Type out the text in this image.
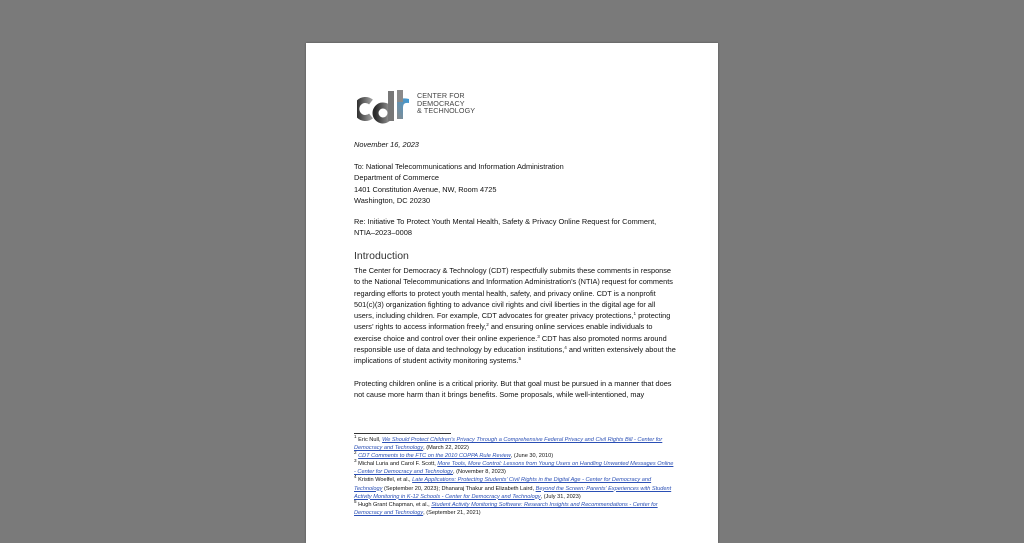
CENTER FOR
DEMOCRACY
& TECHNOLOGY
November 16, 2023
To: National Telecommunications and Information Administration
Department of Commerce
1401 Constitution Avenue, NW, Room 4725
Washington, DC 20230
Re: Initiative To Protect Youth Mental Health, Safety & Privacy Online Request for Comment,
NTIA–2023–0008
Introduction
The Center for Democracy & Technology (CDT) respectfully submits these comments in response to the National Telecommunications and Information Administration’s (NTIA) request for comments regarding efforts to protect youth mental health, safety, and privacy online. CDT is a nonprofit 501(c)(3) organization fighting to advance civil rights and civil liberties in the digital age for all users, including children. For example, CDT advocates for greater privacy protections,$^1$ protecting users’ rights to access information freely,$^2$ and ensuring online services enable individuals to exercise choice and control over their online experience.$^3$ CDT has also promoted norms around responsible use of data and technology by education institutions,$^4$ and written extensively about the implications of student activity monitoring systems.$^5$
Protecting children online is a critical priority. But that goal must be pursued in a manner that does not cause more harm than it brings benefits. Some proposals, while well-intentioned, may
$^1$ Eric Null, We Should Protect Children’s Privacy Through a Comprehensive Federal Privacy and Civil Rights Bill - Center for Democracy and Technology, (March 22, 2022)
$^2$ CDT Comments to the FTC on the 2010 COPPA Rule Review, (June 30, 2010)
$^3$ Michal Luria and Carol F. Scott, More Tools, More Control: Lessons from Young Users on Handling Unwanted Messages Online - Center for Democracy and Technology, (November 8, 2023)
$^4$ Kristin Woelfel, et al., Late Applications: Protecting Students’ Civil Rights in the Digital Age - Center for Democracy and Technology (September 20, 2023); Dhanaraj Thakur and Elizabeth Laird, Beyond the Screen: Parents’ Experiences with Student Activity Monitoring in K-12 Schools - Center for Democracy and Technology, (July 31, 2023)
$^5$ Hugh Grant Chapman, et al., Student Activity Monitoring Software: Research Insights and Recommendations - Center for Democracy and Technology, (September 21, 2021)
